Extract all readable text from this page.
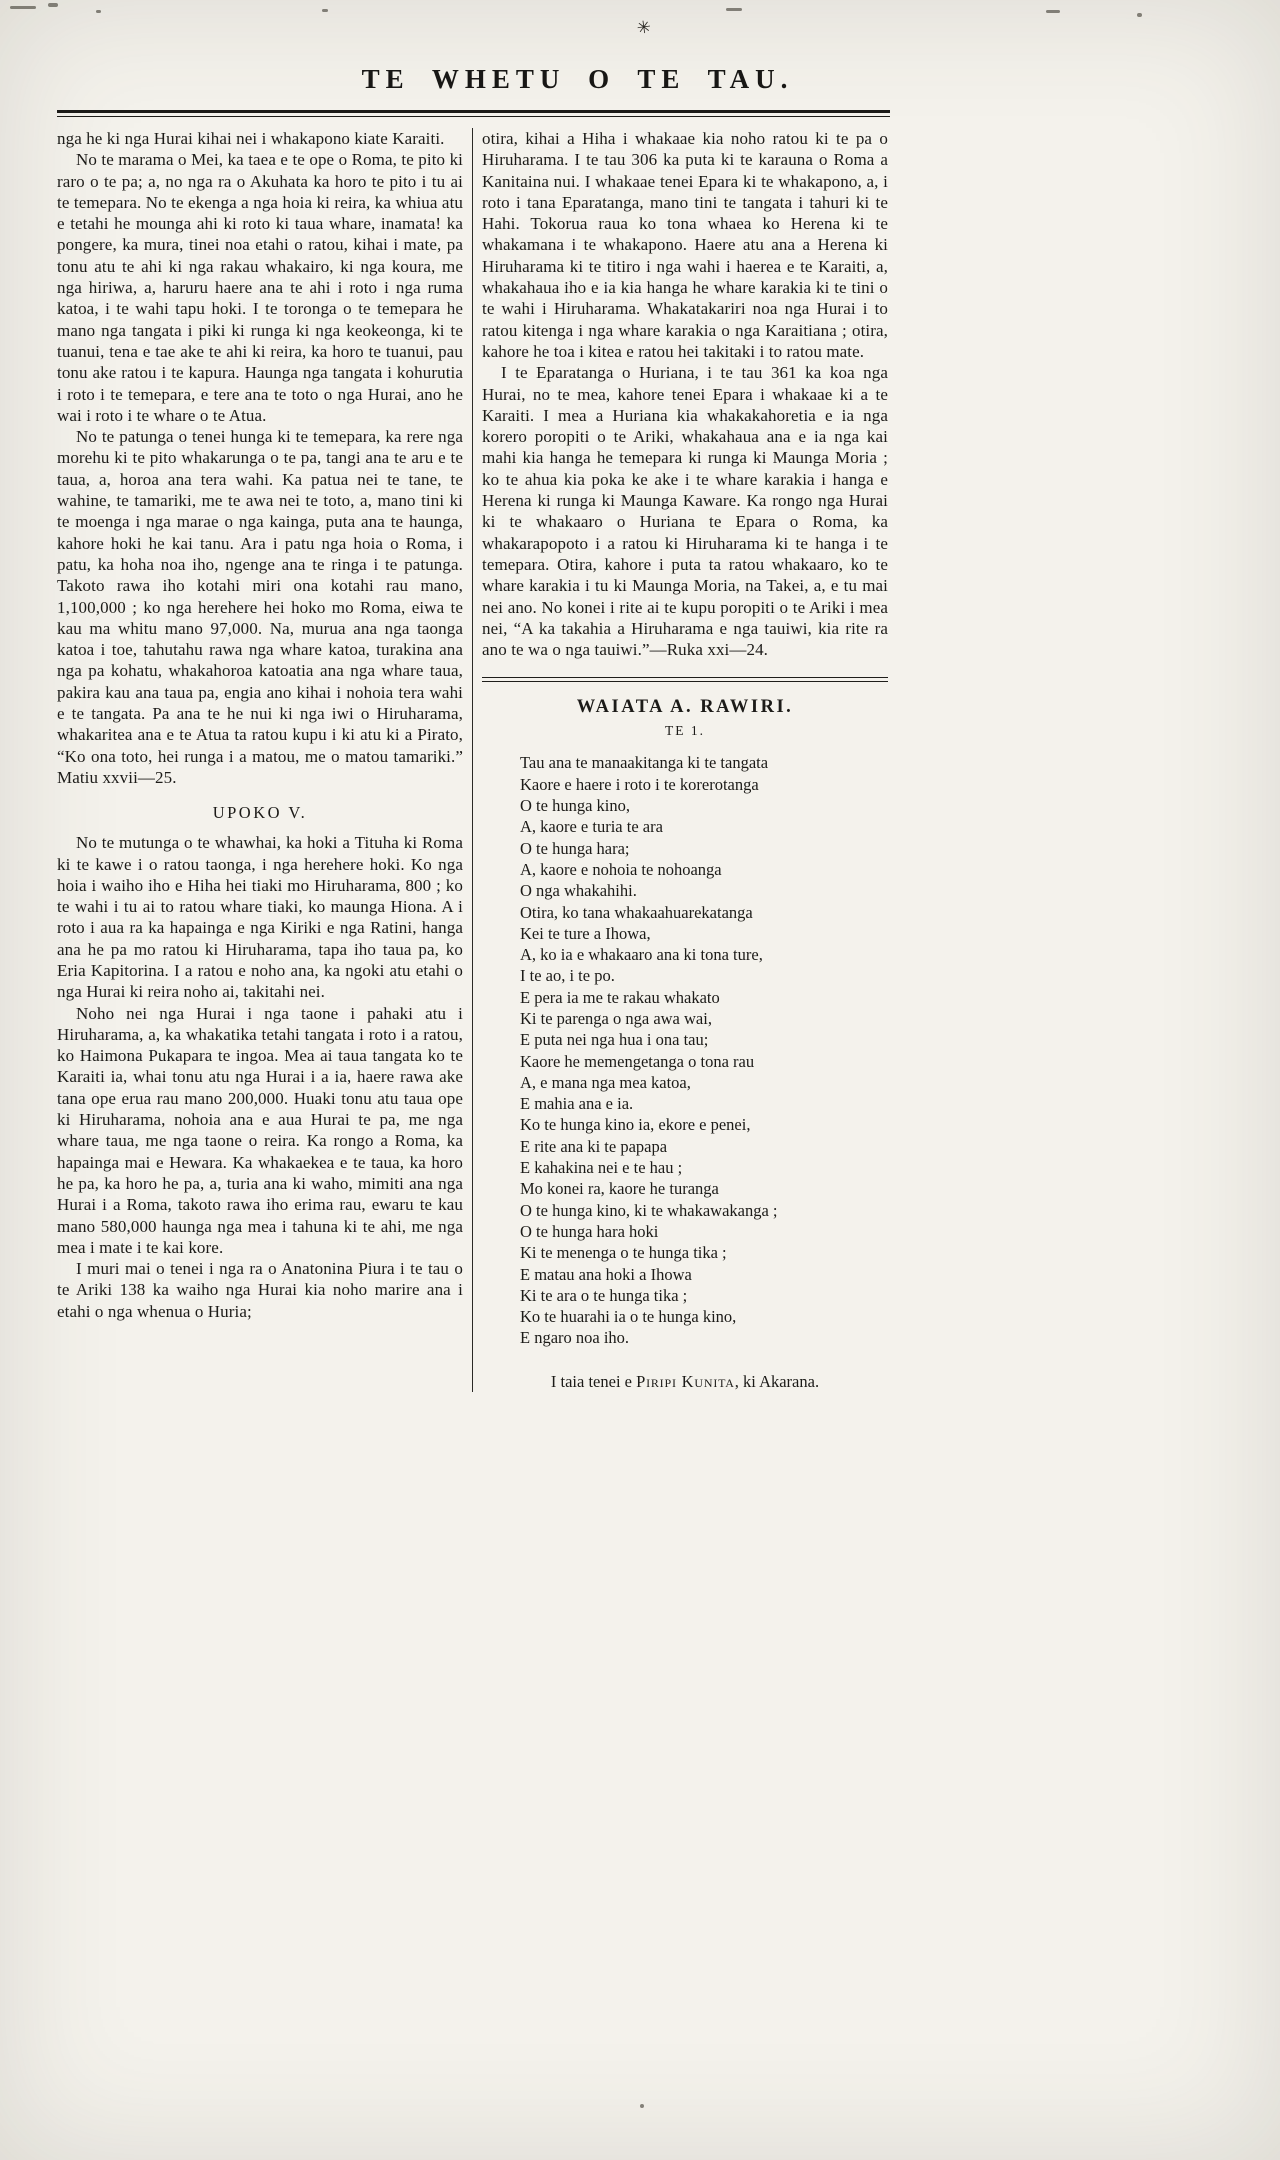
✳
TE WHETU O TE TAU.

nga he ki nga Hurai kihai nei i whakapono kiate Karaiti.

No te marama o Mei, ka taea e te ope o Roma, te pito ki raro o te pa; a, no nga ra o Akuhata ka horo te pito i tu ai te temepara. No te ekenga a nga hoia ki reira, ka whiua atu e tetahi he mounga ahi ki roto ki taua whare, inamata! ka pongere, ka mura, tinei noa etahi o ratou, kihai i mate, pa tonu atu te ahi ki nga rakau whakairo, ki nga koura, me nga hiriwa, a, haruru haere ana te ahi i roto i nga ruma katoa, i te wahi tapu hoki. I te toronga o te temepara he mano nga tangata i piki ki runga ki nga keokeonga, ki te tuanui, tena e tae ake te ahi ki reira, ka horo te tuanui, pau tonu ake ratou i te kapura. Haunga nga tangata i kohurutia i roto i te temepara, e tere ana te toto o nga Hurai, ano he wai i roto i te whare o te Atua.

No te patunga o tenei hunga ki te temepara, ka rere nga morehu ki te pito whakarunga o te pa, tangi ana te aru e te taua, a, horoa ana tera wahi. Ka patua nei te tane, te wahine, te tamariki, me te awa nei te toto, a, mano tini ki te moenga i nga marae o nga kainga, puta ana te haunga, kahore hoki he kai tanu. Ara i patu nga hoia o Roma, i patu, ka hoha noa iho, ngenge ana te ringa i te patunga. Takoto rawa iho kotahi miri ona kotahi rau mano, 1,100,000 ; ko nga herehere hei hoko mo Roma, eiwa te kau ma whitu mano 97,000. Na, murua ana nga taonga katoa i toe, tahutahu rawa nga whare katoa, turakina ana nga pa kohatu, whakahoroa katoatia ana nga whare taua, pakira kau ana taua pa, engia ano kihai i nohoia tera wahi e te tangata. Pa ana te he nui ki nga iwi o Hiruharama, whakaritea ana e te Atua ta ratou kupu i ki atu ki a Pirato, “Ko ona toto, hei runga i a matou, me o matou tamariki.” Matiu xxvii—25.

UPOKO V.

No te mutunga o te whawhai, ka hoki a Tituha ki Roma ki te kawe i o ratou taonga, i nga herehere hoki. Ko nga hoia i waiho iho e Hiha hei tiaki mo Hiruharama, 800 ; ko te wahi i tu ai to ratou whare tiaki, ko maunga Hiona. A i roto i aua ra ka hapainga e nga Kiriki e nga Ratini, hanga ana he pa mo ratou ki Hiruharama, tapa iho taua pa, ko Eria Kapitorina. I a ratou e noho ana, ka ngoki atu etahi o nga Hurai ki reira noho ai, takitahi nei.

Noho nei nga Hurai i nga taone i pahaki atu i Hiruharama, a, ka whakatika tetahi tangata i roto i a ratou, ko Haimona Pukapara te ingoa. Mea ai taua tangata ko te Karaiti ia, whai tonu atu nga Hurai i a ia, haere rawa ake tana ope erua rau mano 200,000. Huaki tonu atu taua ope ki Hiruharama, nohoia ana e aua Hurai te pa, me nga whare taua, me nga taone o reira. Ka rongo a Roma, ka hapainga mai e Hewara. Ka whakaekea e te taua, ka horo he pa, ka horo he pa, a, turia ana ki waho, mimiti ana nga Hurai i a Roma, takoto rawa iho erima rau, ewaru te kau mano 580,000 haunga nga mea i tahuna ki te ahi, me nga mea i mate i te kai kore.

I muri mai o tenei i nga ra o Anatonina Piura i te tau o te Ariki 138 ka waiho nga Hurai kia noho marire ana i etahi o nga whenua o Huria;

otira, kihai a Hiha i whakaae kia noho ratou ki te pa o Hiruharama. I te tau 306 ka puta ki te karauna o Roma a Kanitaina nui. I whakaae tenei Epara ki te whakapono, a, i roto i tana Eparatanga, mano tini te tangata i tahuri ki te Hahi. Tokorua raua ko tona whaea ko Herena ki te whakamana i te whakapono. Haere atu ana a Herena ki Hiruharama ki te titiro i nga wahi i haerea e te Karaiti, a, whakahaua iho e ia kia hanga he whare karakia ki te tini o te wahi i Hiruharama. Whakatakariri noa nga Hurai i to ratou kitenga i nga whare karakia o nga Karaitiana ; otira, kahore he toa i kitea e ratou hei takitaki i to ratou mate.

I te Eparatanga o Huriana, i te tau 361 ka koa nga Hurai, no te mea, kahore tenei Epara i whakaae ki a te Karaiti. I mea a Huriana kia whakakahoretia e ia nga korero poropiti o te Ariki, whakahaua ana e ia nga kai mahi kia hanga he temepara ki runga ki Maunga Moria ; ko te ahua kia poka ke ake i te whare karakia i hanga e Herena ki runga ki Maunga Kaware. Ka rongo nga Hurai ki te whakaaro o Huriana te Epara o Roma, ka whakarapopoto i a ratou ki Hiruharama ki te hanga i te temepara. Otira, kahore i puta ta ratou whakaaro, ko te whare karakia i tu ki Maunga Moria, na Takei, a, e tu mai nei ano. No konei i rite ai te kupu poropiti o te Ariki i mea nei, “A ka takahia a Hiruharama e nga tauiwi, kia rite ra ano te wa o nga tauiwi.”—Ruka xxi—24.

WAIATA A. RAWIRI.
TE 1.
Tau ana te manaakitanga ki te tangata
Kaore e haere i roto i te korerotanga
O te hunga kino,
A, kaore e turia te ara
O te hunga hara;
A, kaore e nohoia te nohoanga
O nga whakahihi.
Otira, ko tana whakaahuarekatanga
Kei te ture a Ihowa,
A, ko ia e whakaaro ana ki tona ture,
I te ao, i te po.
E pera ia me te rakau whakato
Ki te parenga o nga awa wai,
E puta nei nga hua i ona tau;
Kaore he memengetanga o tona rau
A, e mana nga mea katoa,
E mahia ana e ia.
Ko te hunga kino ia, ekore e penei,
E rite ana ki te papapa
E kahakina nei e te hau ;
Mo konei ra, kaore he turanga
O te hunga kino, ki te whakawakanga ;
O te hunga hara hoki
Ki te menenga o te hunga tika ;
E matau ana hoki a Ihowa
Ki te ara o te hunga tika ;
Ko te huarahi ia o te hunga kino,
E ngaro noa iho.

I taia tenei e Piripi Kunita, ki Akarana.
